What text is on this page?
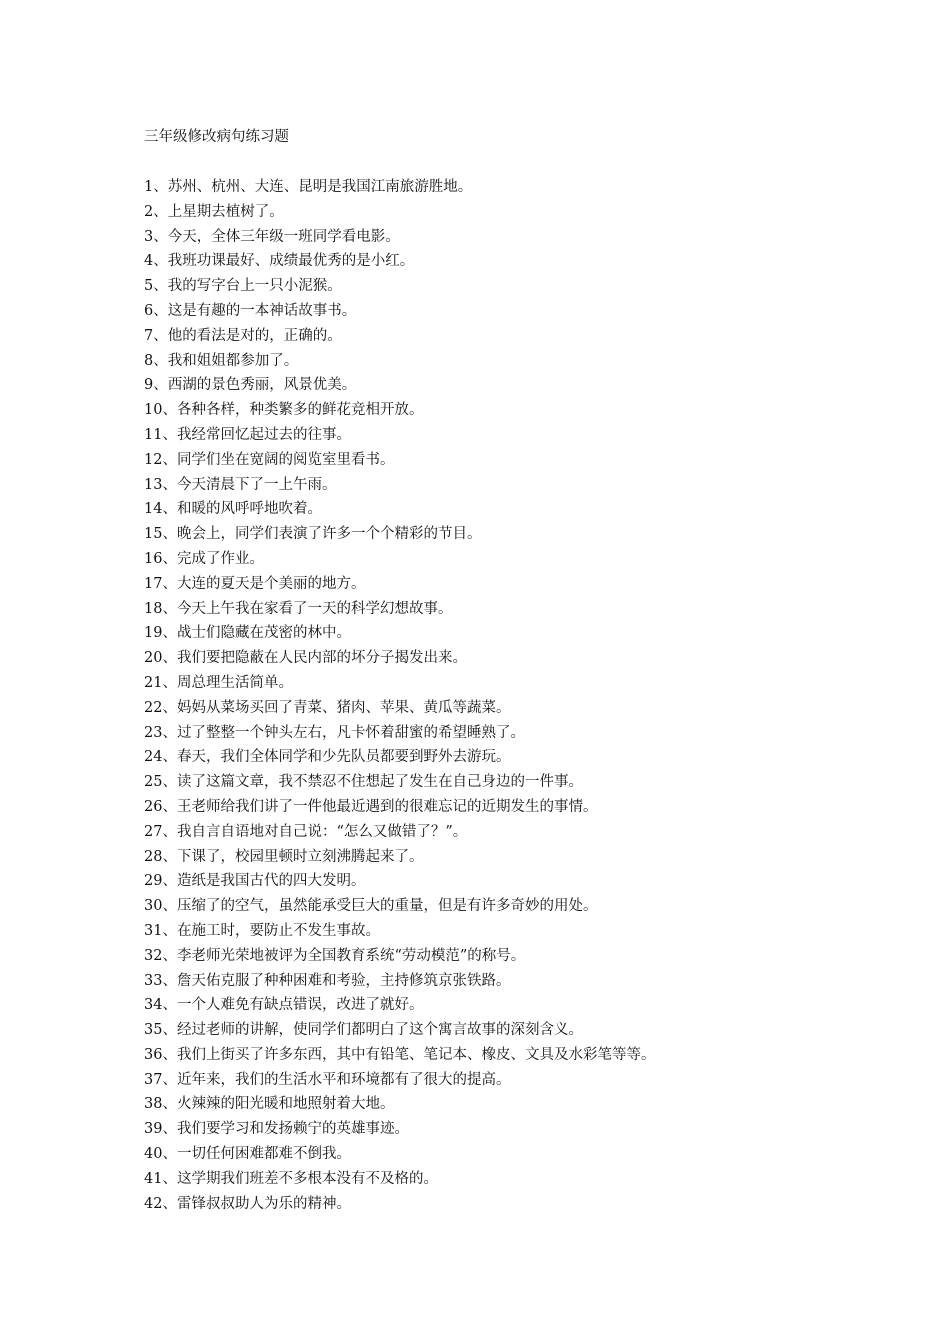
三年级修改病句练习题
1、苏州、杭州、大连、昆明是我国江南旅游胜地。
2、上星期去植树了。
3、今天，全体三年级一班同学看电影。
4、我班功课最好、成绩最优秀的是小红。
5、我的写字台上一只小泥猴。
6、这是有趣的一本神话故事书。
7、他的看法是对的，正确的。
8、我和姐姐都参加了。
9、西湖的景色秀丽，风景优美。
10、各种各样，种类繁多的鲜花竞相开放。
11、我经常回忆起过去的往事。
12、同学们坐在宽阔的阅览室里看书。
13、今天清晨下了一上午雨。
14、和暖的风呼呼地吹着。
15、晚会上，同学们表演了许多一个个精彩的节目。
16、完成了作业。
17、大连的夏天是个美丽的地方。
18、今天上午我在家看了一天的科学幻想故事。
19、战士们隐藏在茂密的林中。
20、我们要把隐蔽在人民内部的坏分子揭发出来。
21、周总理生活简单。
22、妈妈从菜场买回了青菜、猪肉、苹果、黄瓜等蔬菜。
23、过了整整一个钟头左右，凡卡怀着甜蜜的希望睡熟了。
24、春天，我们全体同学和少先队员都要到野外去游玩。
25、读了这篇文章，我不禁忍不住想起了发生在自己身边的一件事。
26、王老师给我们讲了一件他最近遇到的很难忘记的近期发生的事情。
27、我自言自语地对自己说：“怎么又做错了？”。
28、下课了，校园里顿时立刻沸腾起来了。
29、造纸是我国古代的四大发明。
30、压缩了的空气，虽然能承受巨大的重量，但是有许多奇妙的用处。
31、在施工时，要防止不发生事故。
32、李老师光荣地被评为全国教育系统“劳动模范”的称号。
33、詹天佑克服了种种困难和考验，主持修筑京张铁路。
34、一个人难免有缺点错误，改进了就好。
35、经过老师的讲解，使同学们都明白了这个寓言故事的深刻含义。
36、我们上街买了许多东西，其中有铅笔、笔记本、橡皮、文具及水彩笔等等。
37、近年来，我们的生活水平和环境都有了很大的提高。
38、火辣辣的阳光暖和地照射着大地。
39、我们要学习和发扬赖宁的英雄事迹。
40、一切任何困难都难不倒我。
41、这学期我们班差不多根本没有不及格的。
42、雷锋叔叔助人为乐的精神。
